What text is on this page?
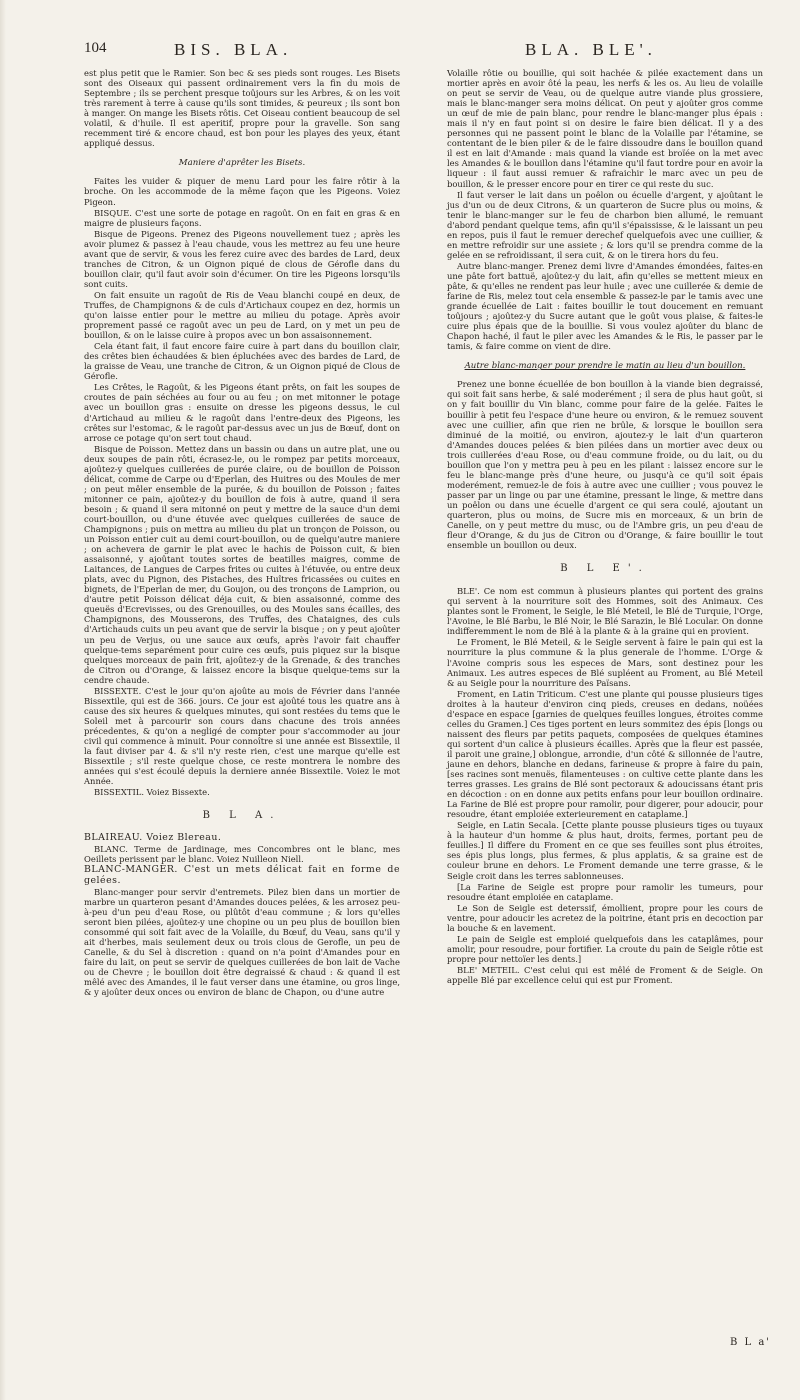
104	BIS. BLA.	BLA. BLE'.

est plus petit que le Ramier. Son bec & ses pieds sont rouges. Les Bisets sont des Oiseaux qui passent ordinairement vers la fin du mois de Septembre ; ils se perchent presque toûjours sur les Arbres, & on les voit très rarement à terre à cause qu'ils sont timides, & peureux ; ils sont bon à manger. On mange les Bisets rôtis. Cet Oiseau contient beaucoup de sel volatil, & d'huile. Il est aperitif, propre pour la gravelle. Son sang recemment tiré & encore chaud, est bon pour les playes des yeux, étant appliqué dessus.

Maniere d'aprêter les Bisets.

Faites les vuider & piquer de menu Lard pour les faire rôtir à la broche. On les accommode de la même façon que les Pigeons. Voiez Pigeon.

BISQUE. C'est une sorte de potage en ragoût. On en fait en gras & en maigre de plusieurs façons.

Bisque de Pigeons. Prenez des Pigeons nouvellement tuez ; après les avoir plumez & passez à l'eau chaude, vous les mettrez au feu une heure avant que de servir, & vous les ferez cuire avec des bardes de Lard, deux tranches de Citron, & un Oignon piqué de clous de Gérofle dans du bouillon clair, qu'il faut avoir soin d'écumer. On tire les Pigeons lorsqu'ils sont cuits.

On fait ensuite un ragoût de Ris de Veau blanchi coupé en deux, de Truffes, de Champignons & de culs d'Artichaux coupez en dez, hormis un qu'on laisse entier pour le mettre au milieu du potage. Après avoir proprement passé ce ragoût avec un peu de Lard, on y met un peu de bouillon, & on le laisse cuire à propos avec un bon assaisonnement.

Cela étant fait, il faut encore faire cuire à part dans du bouillon clair, des crêtes bien échaudées & bien épluchées avec des bardes de Lard, de la graisse de Veau, une tranche de Citron, & un Oignon piqué de Clous de Gérofle.

Les Crêtes, le Ragoût, & les Pigeons étant prêts, on fait les soupes de croutes de pain séchées au four ou au feu ; on met mitonner le potage avec un bouillon gras : ensuite on dresse les pigeons dessus, le cul d'Artichaud au milieu & le ragoût dans l'entre-deux des Pigeons, les crêtes sur l'estomac, & le ragoût par-dessus avec un jus de Bœuf, dont on arrose ce potage qu'on sert tout chaud.

Bisque de Poisson. Mettez dans un bassin ou dans un autre plat, une ou deux soupes de pain rôti, écrasez-le, ou le rompez par petits morceaux, ajoûtez-y quelques cuillerées de purée claire, ou de bouillon de Poisson délicat, comme de Carpe ou d'Eperlan, des Huitres ou des Moules de mer ; on peut mêler ensemble de la purée, & du bouillon de Poisson ; faites mitonner ce pain, ajoûtez-y du bouillon de fois à autre, quand il sera besoin ; & quand il sera mitonné on peut y mettre de la sauce d'un demi court-bouillon, ou d'une étuvée avec quelques cuillerées de sauce de Champignons ; puis on mettra au milieu du plat un tronçon de Poisson, ou un Poisson entier cuit au demi court-bouillon, ou de quelqu'autre maniere ; on achevera de garnir le plat avec le hachis de Poisson cuit, & bien assaisonné, y ajoûtant toutes sortes de beatilles maigres, comme de Laitances, de Langues de Carpes frites ou cuites à l'étuvée, ou entre deux plats, avec du Pignon, des Pistaches, des Huîtres fricassées ou cuites en bignets, de l'Eperlan de mer, du Goujon, ou des tronçons de Lamprion, ou d'autre petit Poisson délicat déja cuit, & bien assaisonné, comme des queuës d'Ecrevisses, ou des Grenouilles, ou des Moules sans écailles, des Champignons, des Mousserons, des Truffes, des Chataignes, des culs d'Artichauds cuits un peu avant que de servir la bisque ; on y peut ajoûter un peu de Verjus, ou une sauce aux œufs, après l'avoir fait chauffer quelque-tems separément pour cuire ces œufs, puis piquez sur la bisque quelques morceaux de pain frit, ajoûtez-y de la Grenade, & des tranches de Citron ou d'Orange, & laissez encore la bisque quelque-tems sur la cendre chaude.

BISSEXTE. C'est le jour qu'on ajoûte au mois de Février dans l'année Bissextile, qui est de 366. jours. Ce jour est ajoûté tous les quatre ans à cause des six heures & quelques minutes, qui sont restées du tems que le Soleil met à parcourir son cours dans chacune des trois années précedentes, & qu'on a negligé de compter pour s'accommoder au jour civil qui commence à minuit. Pour connoître si une année est Bissextile, il la faut diviser par 4. & s'il n'y reste rien, c'est une marque qu'elle est Bissextile ; s'il reste quelque chose, ce reste montrera le nombre des années qui s'est écoulé depuis la derniere année Bissextile. Voiez le mot Année.

BISSEXTIL. Voiez Bissexte.

B L A.

BLAIREAU. Voiez Blereau.

BLANC. Terme de Jardinage, mes Concombres ont le blanc, mes Oeillets perissent par le blanc. Voiez Nuilleon Niell.

BLANC-MANGER. C'est un mets délicat fait en forme de gelées.

Blanc-manger pour servir d'entremets. Pilez bien dans un mortier de marbre un quarteron pesant d'Amandes douces pelées, & les arrosez peu-à-peu d'un peu d'eau Rose, ou plûtôt d'eau commune ; & lors qu'elles seront bien pilées, ajoûtez-y une chopine ou un peu plus de bouillon bien consommé qui soit fait avec de la Volaille, du Bœuf, du Veau, sans qu'il y ait d'herbes, mais seulement deux ou trois clous de Gerofle, un peu de Canelle, & du Sel à discretion : quand on n'a point d'Amandes pour en faire du lait, on peut se servir de quelques cuillerées de bon lait de Vache ou de Chevre ; le bouillon doit être degraissé & chaud : & quand il est mêlé avec des Amandes, il le faut verser dans une étamine, ou gros linge, & y ajoûter deux onces ou environ de blanc de Chapon, ou d'une autre

Volaille rôtie ou bouillie, qui soit hachée & pilée exactement dans un mortier après en avoir ôté la peau, les nerfs & les os. Au lieu de volaille on peut se servir de Veau, ou de quelque autre viande plus grossiere, mais le blanc-manger sera moins délicat. On peut y ajoûter gros comme un œuf de mie de pain blanc, pour rendre le blanc-manger plus épais : mais il n'y en faut point si on desire le faire bien délicat. Il y a des personnes qui ne passent point le blanc de la Volaille par l'étamine, se contentant de le bien piler & de le faire dissoudre dans le bouillon quand il est en lait d'Amande : mais quand la viande est broïée on la met avec les Amandes & le bouillon dans l'étamine qu'il faut tordre pour en avoir la liqueur : il faut aussi remuer & rafraichir le marc avec un peu de bouillon, & le presser encore pour en tirer ce qui reste du suc.

Il faut verser le lait dans un poêlon ou écuelle d'argent, y ajoûtant le jus d'un ou de deux Citrons, & un quarteron de Sucre plus ou moins, & tenir le blanc-manger sur le feu de charbon bien allumé, le remuant d'abord pendant quelque tems, afin qu'il s'épaississe, & le laissant un peu en repos, puis il faut le remuer derechef quelquefois avec une cuillier, & en mettre refroidir sur une assiete ; & lors qu'il se prendra comme de la gelée en se refroidissant, il sera cuit, & on le tirera hors du feu.

Autre blanc-manger. Prenez demi livre d'Amandes émondées, faites-en une pâte fort battuë, ajoûtez-y du lait, afin qu'elles se mettent mieux en pâte, & qu'elles ne rendent pas leur huile ; avec une cuillerée & demie de farine de Ris, melez tout cela ensemble & passez-le par le tamis avec une grande écuellée de Lait : faites bouillir le tout doucement en remuant toûjours ; ajoûtez-y du Sucre autant que le goût vous plaise, & faites-le cuire plus épais que de la bouillie. Si vous voulez ajoûter du blanc de Chapon haché, il faut le piler avec les Amandes & le Ris, le passer par le tamis, & faire comme on vient de dire.

Autre blanc-manger pour prendre le matin au lieu d'un bouillon.

Prenez une bonne écuellée de bon bouillon à la viande bien degraissé, qui soit fait sans herbe, & salé moderément ; il sera de plus haut goût, si on y fait bouillir du Vin blanc, comme pour faire de la gelée. Faites le bouillir à petit feu l'espace d'une heure ou environ, & le remuez souvent avec une cuillier, afin que rien ne brûle, & lorsque le bouillon sera diminué de la moitié, ou environ, ajoutez-y le lait d'un quarteron d'Amandes douces pelées & bien pilées dans un mortier avec deux ou trois cuillerées d'eau Rose, ou d'eau commune froide, ou du lait, ou du bouillon que l'on y mettra peu à peu en les pilant : laissez encore sur le feu le blanc-mange près d'une heure, ou jusqu'à ce qu'il soit épais moderément, remuez-le de fois à autre avec une cuillier ; vous pouvez le passer par un linge ou par une étamine, pressant le linge, & mettre dans un poêlon ou dans une écuelle d'argent ce qui sera coulé, ajoutant un quarteron, plus ou moins, de Sucre mis en morceaux, & un brin de Canelle, on y peut mettre du musc, ou de l'Ambre gris, un peu d'eau de fleur d'Orange, & du jus de Citron ou d'Orange, & faire bouillir le tout ensemble un bouillon ou deux.

B L E'.

BLE'. Ce nom est commun à plusieurs plantes qui portent des grains qui servent à la nourriture soit des Hommes, soit des Animaux. Ces plantes sont le Froment, le Seigle, le Blé Meteil, le Blé de Turquie, l'Orge, l'Avoine, le Blé Barbu, le Blé Noir, le Blé Sarazin, le Blé Locular. On donne indifferemment le nom de Blé à la plante & à la graine qui en provient.

Le Froment, le Blé Meteil, & le Seigle servent à faire le pain qui est la nourriture la plus commune & la plus generale de l'homme. L'Orge & l'Avoine compris sous les especes de Mars, sont destinez pour les Animaux. Les autres especes de Blé supléent au Froment, au Blé Meteil & au Seigle pour la nourriture des Païsans.

Froment, en Latin Triticum. C'est une plante qui pousse plusieurs tiges droites à la hauteur d'environ cinq pieds, creuses en dedans, noüées d'espace en espace [garnies de quelques feuilles longues, étroites comme celles du Gramen.] Ces tiges portent en leurs sommitez des épis [longs ou naissent des fleurs par petits paquets, composées de quelques étamines qui sortent d'un calice à plusieurs écailles. Après que la fleur est passée, il paroit une graine,] oblongue, arrondie, d'un côté & sillonnée de l'autre, jaune en dehors, blanche en dedans, farineuse & propre à faire du pain, [ses racines sont menuës, filamenteuses : on cultive cette plante dans les terres grasses. Les grains de Blé sont pectoraux & adoucissans étant pris en décoction : on en donne aux petits enfans pour leur bouillon ordinaire. La Farine de Blé est propre pour ramolir, pour digerer, pour adoucir, pour resoudre, étant emploiée exterieurement en cataplame.]

Seigle, en Latin Secala. [Cette plante pousse plusieurs tiges ou tuyaux à la hauteur d'un homme & plus haut, droits, fermes, portant peu de feuilles.] Il differe du Froment en ce que ses feuilles sont plus étroites, ses épis plus longs, plus fermes, & plus applatis, & sa graine est de couleur brune en dehors. Le Froment demande une terre grasse, & le Seigle croit dans les terres sablonneuses.

[La Farine de Seigle est propre pour ramolir les tumeurs, pour resoudre étant emploiée en cataplame.

Le Son de Seigle est deterssif, émollient, propre pour les cours de ventre, pour adoucir les acretez de la poitrine, étant pris en decoction par la bouche & en lavement.

Le pain de Seigle est emploié quelquefois dans les cataplâmes, pour amolir, pour resoudre, pour fortifier. La croute du pain de Seigle rôtie est propre pour nettoïer les dents.]

BLE' METEIL. C'est celui qui est mêlé de Froment & de Seigle. On appelle Blé par excellence celui qui est pur Froment.

B L a'
